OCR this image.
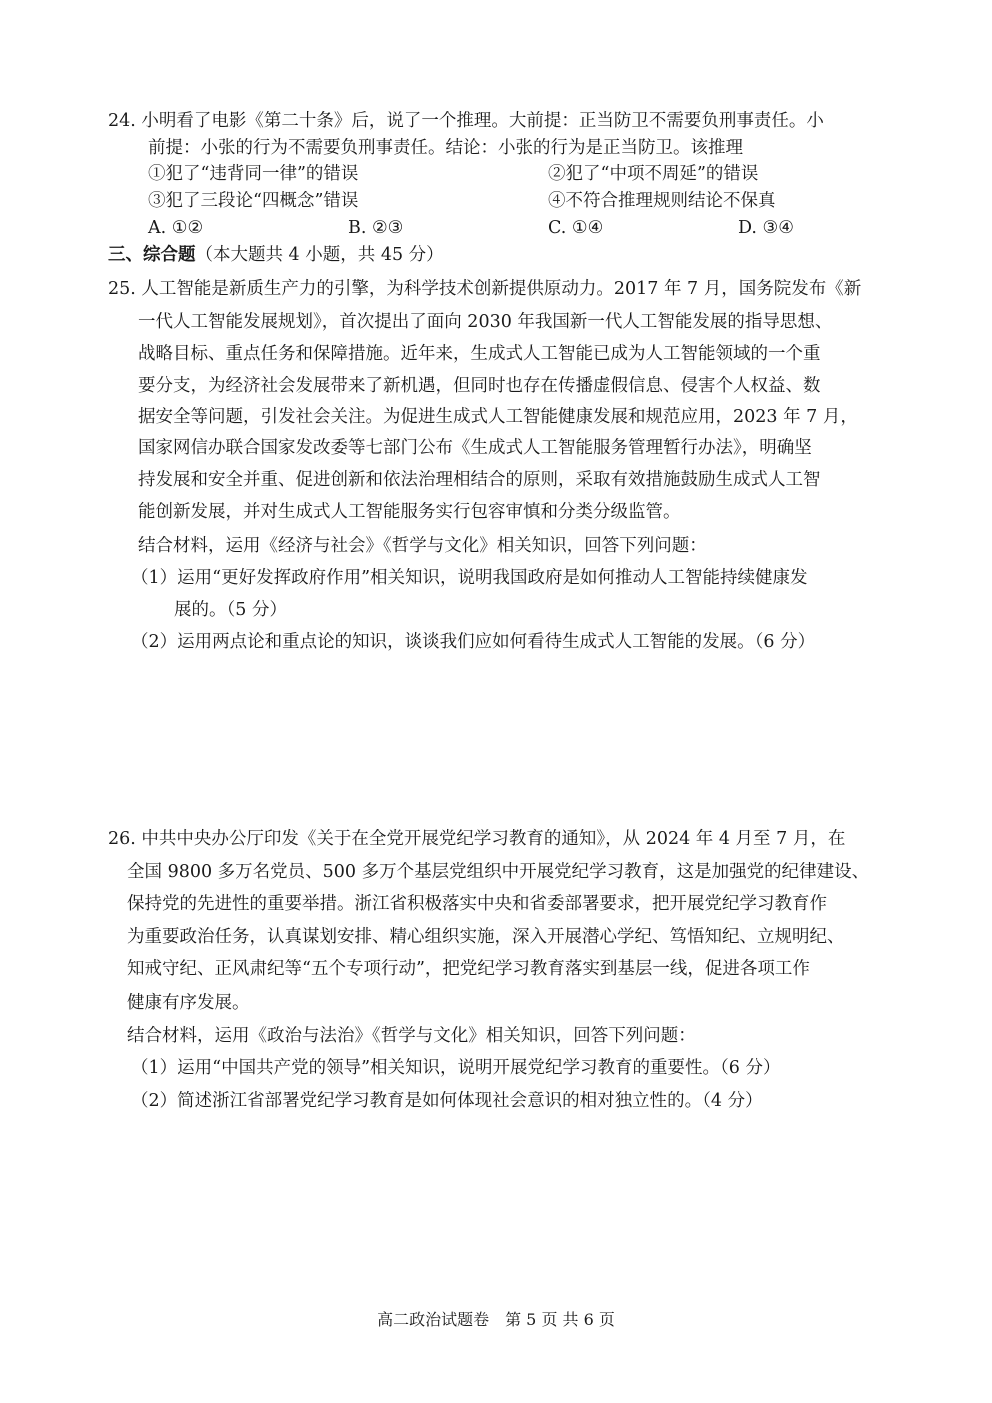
24. 小明看了电影《第二十条》后，说了一个推理。大前提：正当防卫不需要负刑事责任。小
前提：小张的行为不需要负刑事责任。结论：小张的行为是正当防卫。该推理
①犯了“违背同一律”的错误	②犯了“中项不周延”的错误
③犯了三段论“四概念”错误	④不符合推理规则结论不保真
A. ①②	B. ②③	C. ①④	D. ③④
三、综合题（本大题共 4 小题，共 45 分）
25. 人工智能是新质生产力的引擎，为科学技术创新提供原动力。2017 年 7 月，国务院发布《新
一代人工智能发展规划》，首次提出了面向 2030 年我国新一代人工智能发展的指导思想、
战略目标、重点任务和保障措施。近年来，生成式人工智能已成为人工智能领域的一个重
要分支，为经济社会发展带来了新机遇，但同时也存在传播虚假信息、侵害个人权益、数
据安全等问题，引发社会关注。为促进生成式人工智能健康发展和规范应用，2023 年 7 月，
国家网信办联合国家发改委等七部门公布《生成式人工智能服务管理暂行办法》，明确坚
持发展和安全并重、促进创新和依法治理相结合的原则，采取有效措施鼓励生成式人工智
能创新发展，并对生成式人工智能服务实行包容审慎和分类分级监管。
结合材料，运用《经济与社会》《哲学与文化》相关知识，回答下列问题：
（1）运用“更好发挥政府作用”相关知识，说明我国政府是如何推动人工智能持续健康发
展的。（5 分）
（2）运用两点论和重点论的知识，谈谈我们应如何看待生成式人工智能的发展。（6 分）
26. 中共中央办公厅印发《关于在全党开展党纪学习教育的通知》，从 2024 年 4 月至 7 月，在
全国 9800 多万名党员、500 多万个基层党组织中开展党纪学习教育，这是加强党的纪律建设、
保持党的先进性的重要举措。浙江省积极落实中央和省委部署要求，把开展党纪学习教育作
为重要政治任务，认真谋划安排、精心组织实施，深入开展潜心学纪、笃悟知纪、立规明纪、
知戒守纪、正风肃纪等“五个专项行动”，把党纪学习教育落实到基层一线，促进各项工作
健康有序发展。
结合材料，运用《政治与法治》《哲学与文化》相关知识，回答下列问题：
（1）运用“中国共产党的领导”相关知识，说明开展党纪学习教育的重要性。（6 分）
（2）简述浙江省部署党纪学习教育是如何体现社会意识的相对独立性的。（4 分）
高二政治试题卷　第 5 页 共 6 页
